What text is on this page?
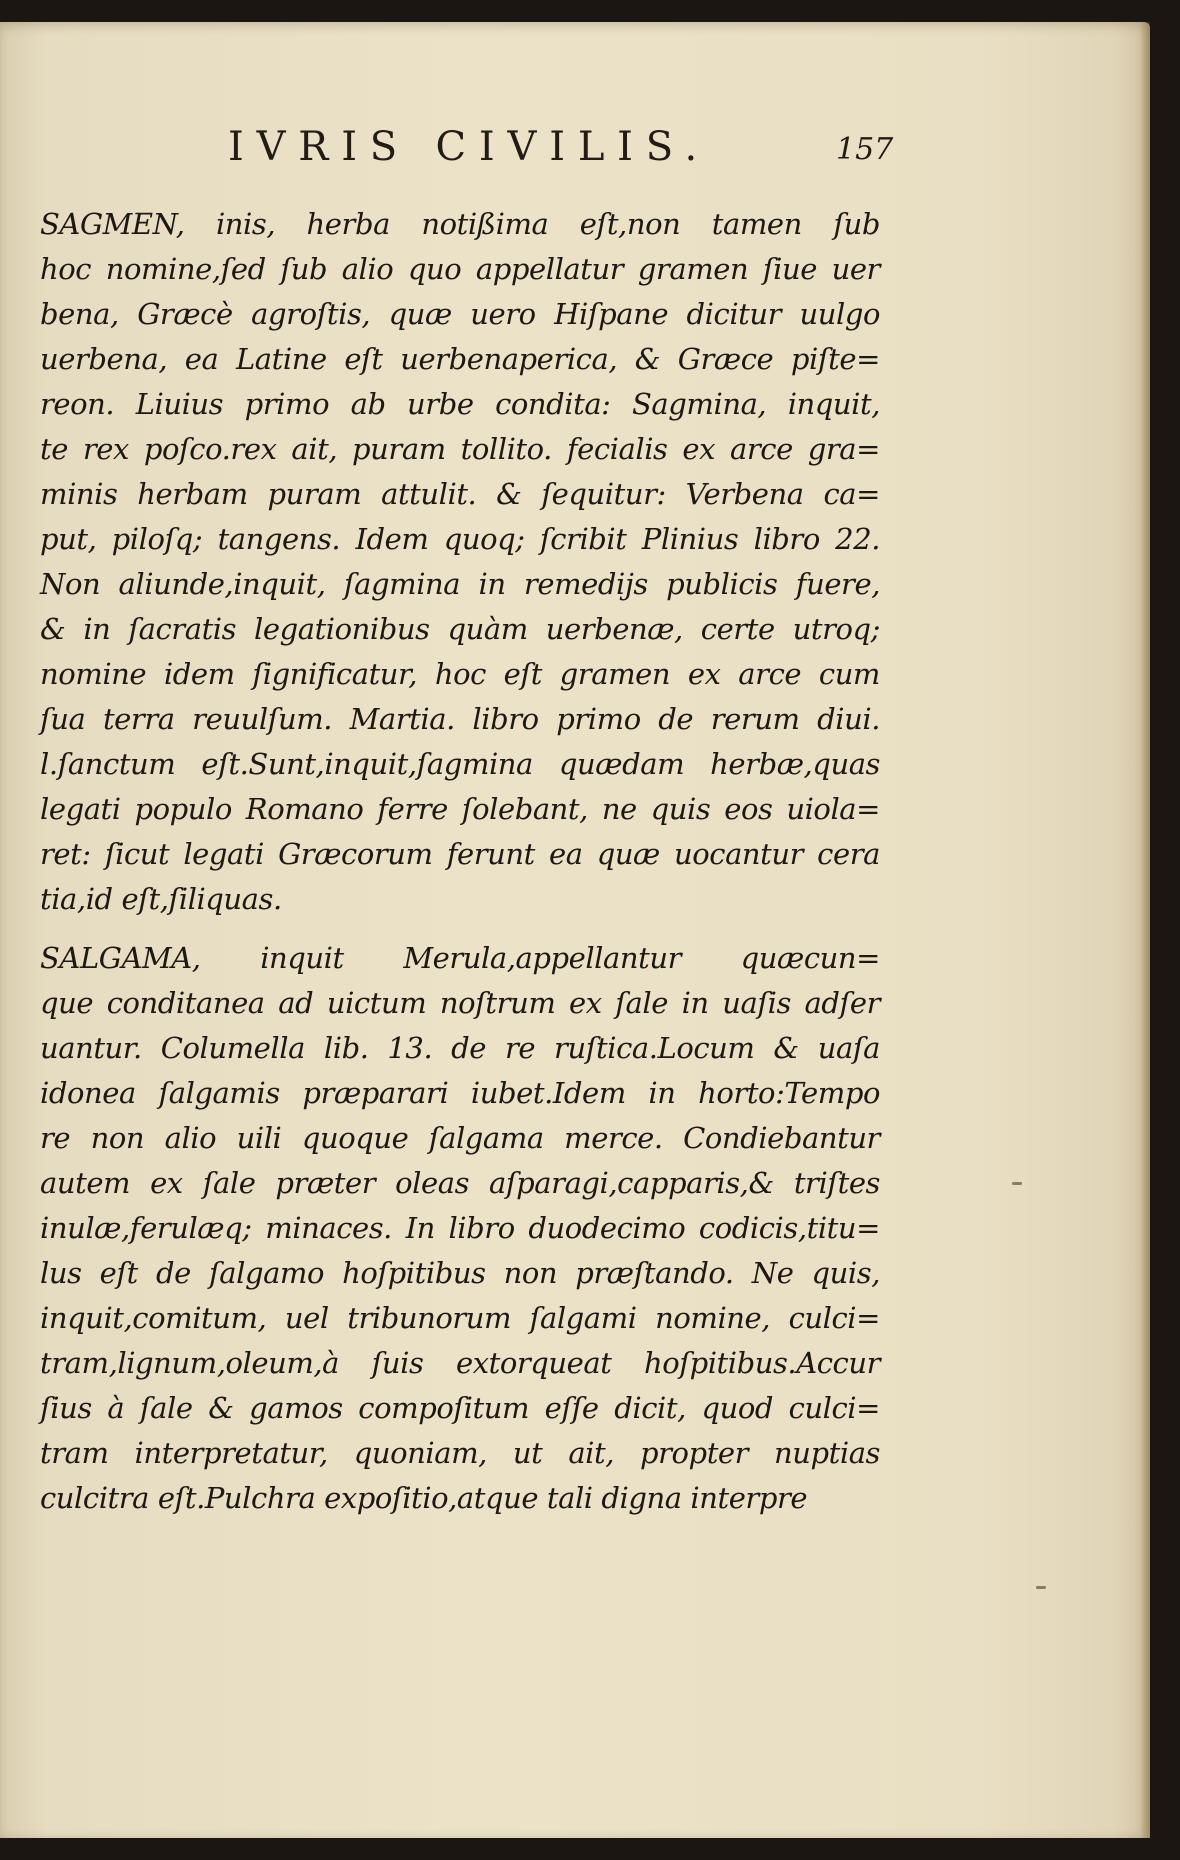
IVRIS CIVILIS.	157
SAGMEN, inis, herba notißima eſt,non tamen ſub
hoc nomine,ſed ſub alio quo appellatur gramen ſiue uer
bena, Græcè agroſtis, quæ uero Hiſpane dicitur uulgo
uerbena, ea Latine eſt uerbenaperica, & Græce piſte=
reon. Liuius primo ab urbe condita: Sagmina, inquit,
te rex poſco.rex ait, puram tollito. fecialis ex arce gra=
minis herbam puram attulit. & ſequitur: Verbena ca=
put, piloſq; tangens. Idem quoq; ſcribit Plinius libro 22.
Non aliunde,inquit, ſagmina in remedijs publicis fuere,
& in ſacratis legationibus quàm uerbenæ, certe utroq;
nomine idem ſignificatur, hoc eſt gramen ex arce cum
ſua terra reuulſum. Martia. libro primo de rerum diui.
l.ſanctum eſt.Sunt,inquit,ſagmina quædam herbæ,quas
legati populo Romano ferre ſolebant, ne quis eos uiola=
ret: ſicut legati Græcorum ferunt ea quæ uocantur cera
tia,id eſt,ſiliquas.
SALGAMA, inquit Merula,appellantur quæcun=
que conditanea ad uictum noſtrum ex ſale in uaſis adſer
uantur. Columella lib. 13. de re ruſtica.Locum & uaſa
idonea ſalgamis præparari iubet.Idem in horto:Tempo
re non alio uili quoque ſalgama merce. Condiebantur
autem ex ſale præter oleas aſparagi,capparis,& triſtes
inulæ,ferulæq; minaces. In libro duodecimo codicis,titu=
lus eſt de ſalgamo hoſpitibus non præſtando. Ne quis,
inquit,comitum, uel tribunorum ſalgami nomine, culci=
tram,lignum,oleum,à ſuis extorqueat hoſpitibus.Accur
ſius à ſale & gamos compoſitum eſſe dicit, quod culci=
tram interpretatur, quoniam, ut ait, propter nuptias
culcitra eſt.Pulchra expoſitio,atque tali digna interpre
